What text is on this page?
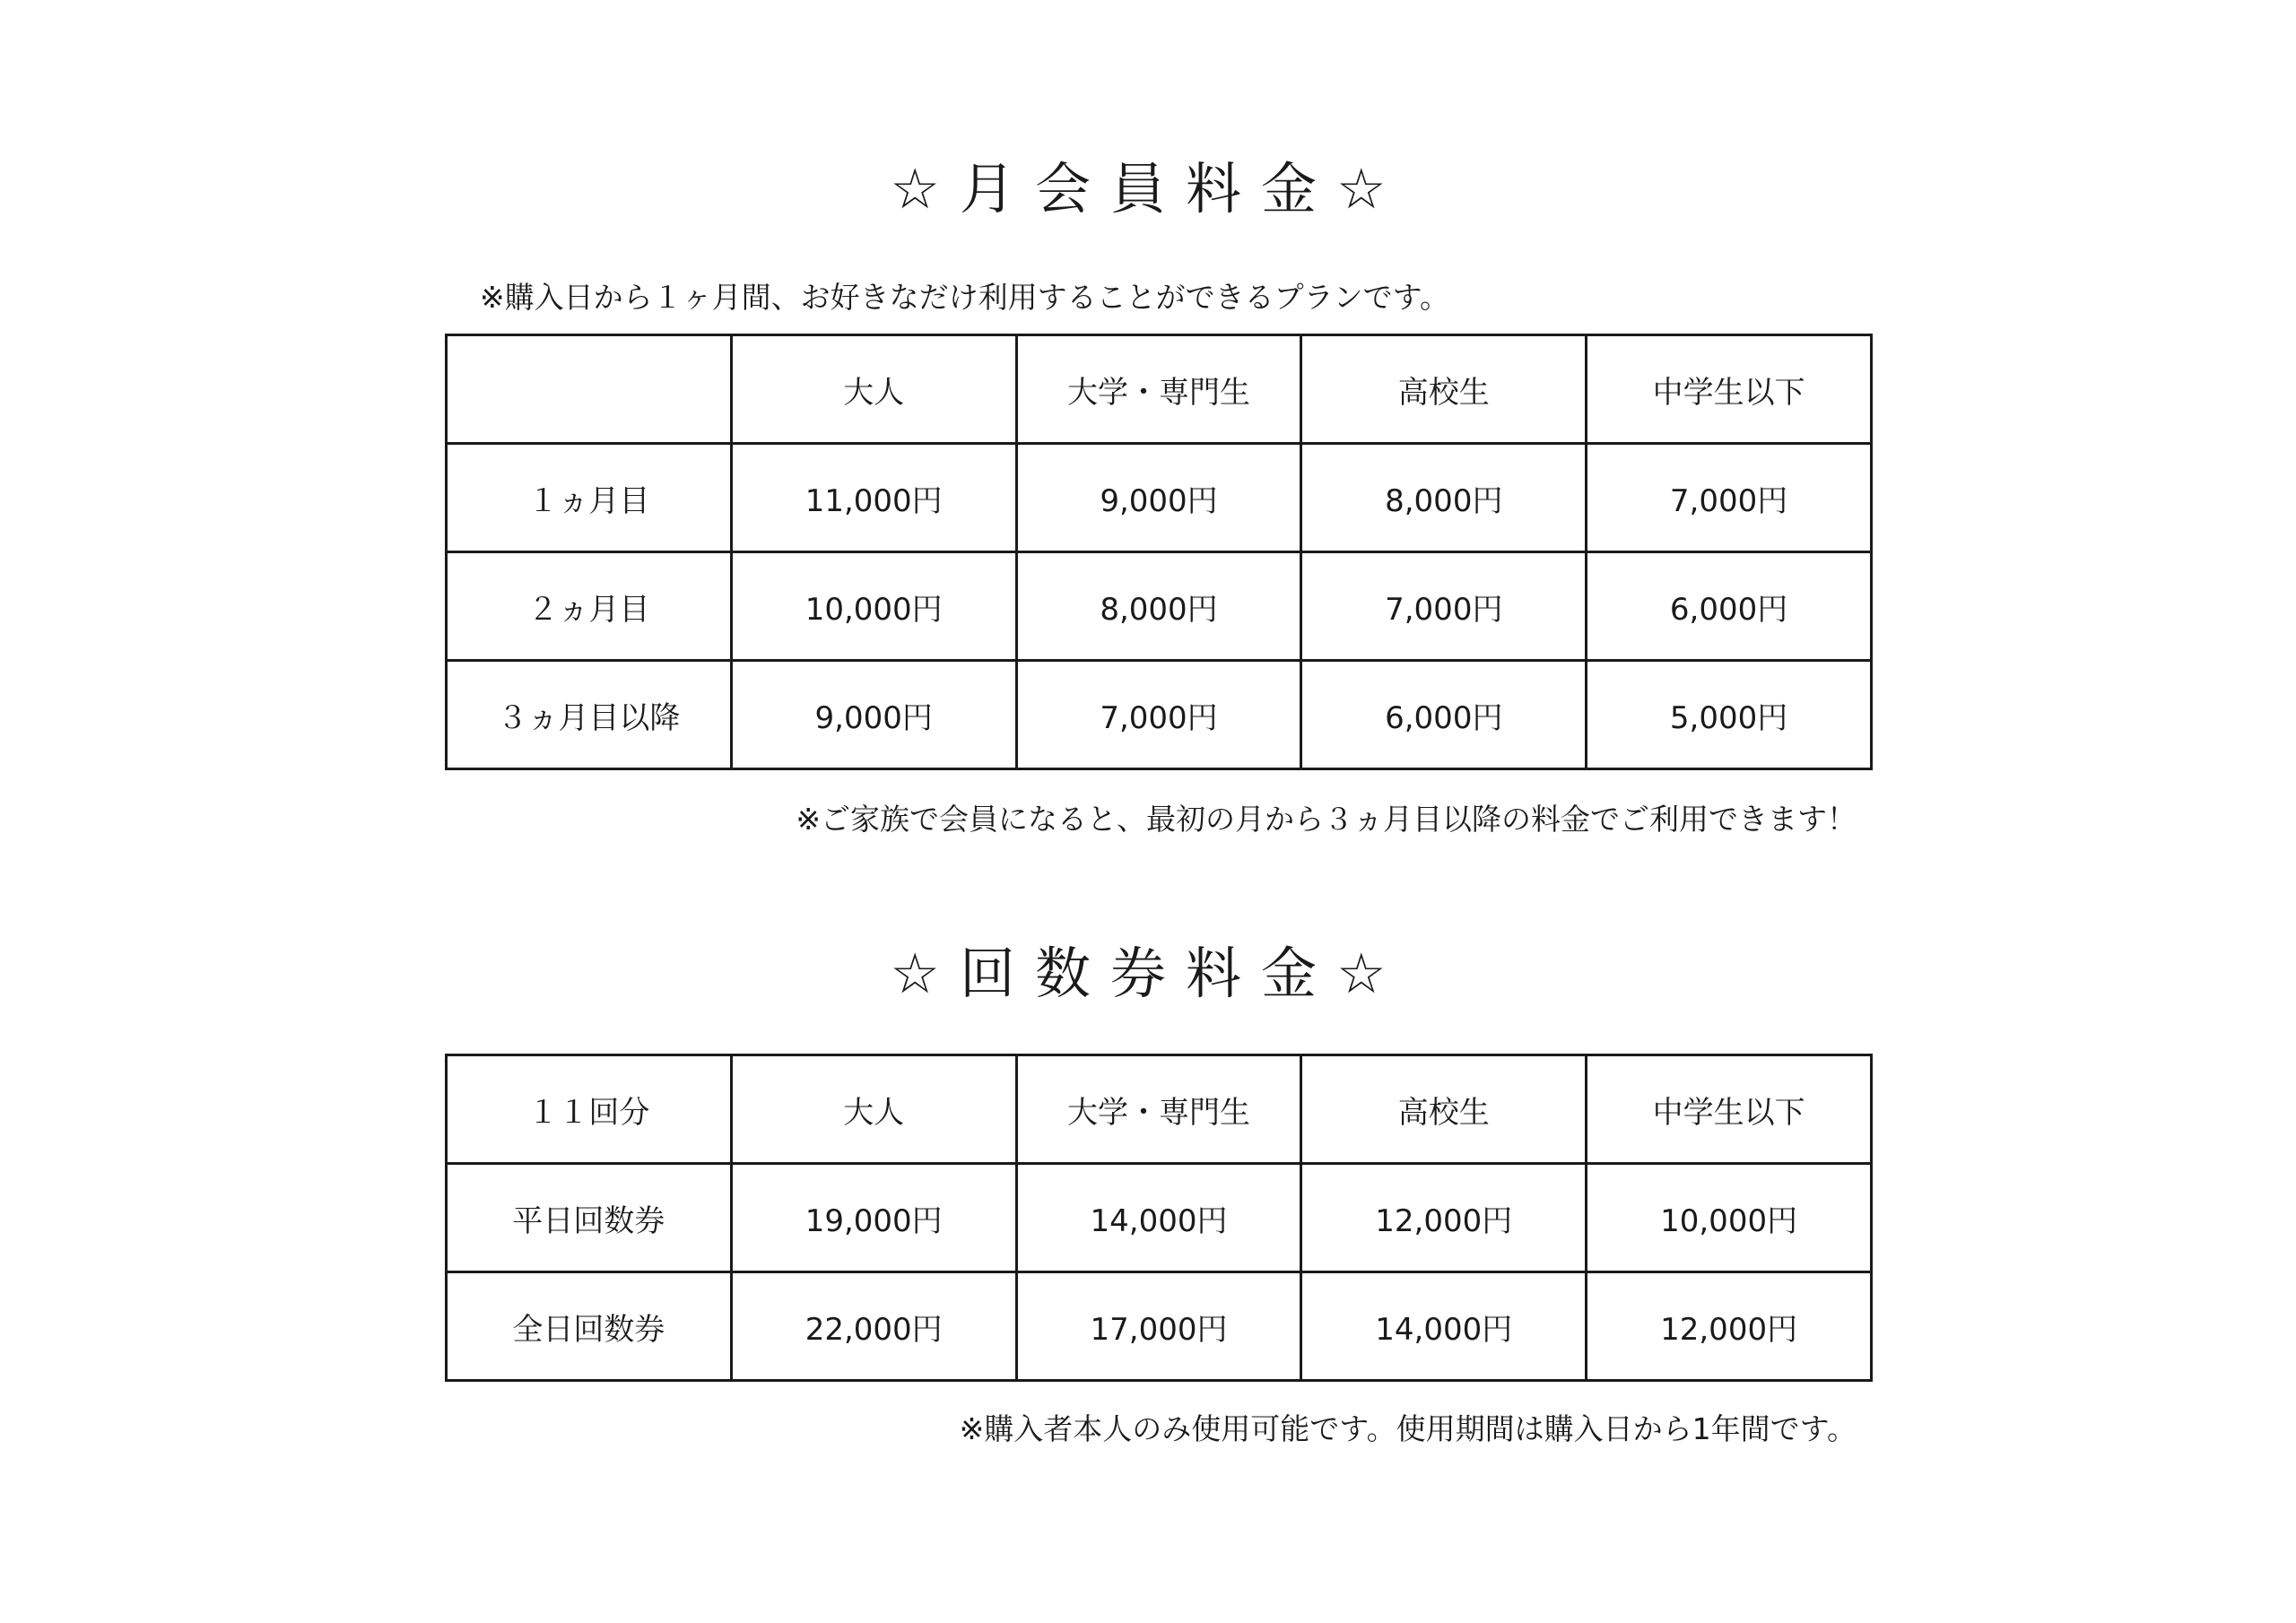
☆月会員料金☆
※購入日から１ヶ月間、お好きなだけ利用することができるプランです。
	大人	大学・専門生	高校生	中学生以下
１ヵ月目	11,000円	9,000円	8,000円	7,000円
２ヵ月目	10,000円	8,000円	7,000円	6,000円
３ヵ月目以降	9,000円	7,000円	6,000円	5,000円
※ご家族で会員になると、最初の月から３ヵ月目以降の料金でご利用できます！
☆回数券料金☆
１１回分	大人	大学・専門生	高校生	中学生以下
平日回数券	19,000円	14,000円	12,000円	10,000円
全日回数券	22,000円	17,000円	14,000円	12,000円
※購入者本人のみ使用可能です。使用期間は購入日から1年間です。
